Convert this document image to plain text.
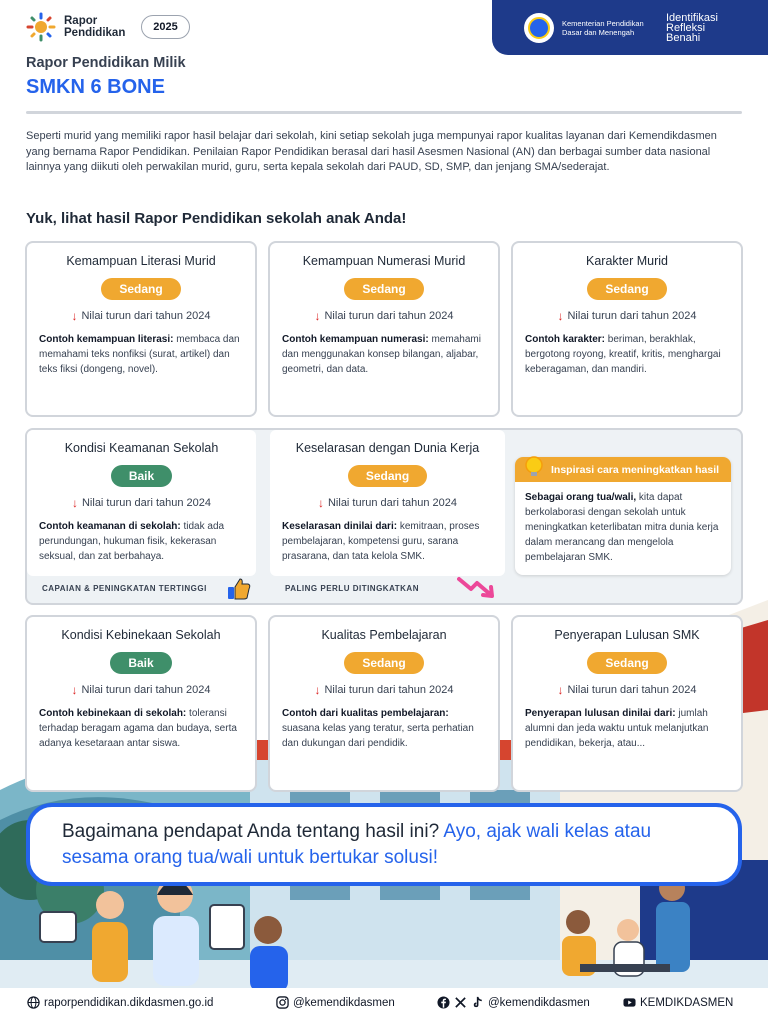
Rapor
Pendidikan	2025	Kementerian Pendidikan Dasar dan Menengah
Identifikasi
Refleksi
Benahi
Rapor Pendidikan Milik
SMKN 6 BONE

Seperti murid yang memiliki rapor hasil belajar dari sekolah, kini setiap sekolah juga mempunyai rapor kualitas layanan dari Kemendikdasmen yang bernama Rapor Pendidikan. Penilaian Rapor Pendidikan berasal dari hasil Asesmen Nasional (AN) dan berbagai sumber data nasional lainnya yang diikuti oleh perwakilan murid, guru, serta kepala sekolah dari PAUD, SD, SMP, dan jenjang SMA/sederajat.

Yuk, lihat hasil Rapor Pendidikan sekolah anak Anda!
Kemampuan Literasi Murid
Sedang
↓ Nilai turun dari tahun 2024
Contoh kemampuan literasi: membaca dan memahami teks nonfiksi (surat, artikel) dan teks fiksi (dongeng, novel).
Kemampuan Numerasi Murid
Sedang
↓ Nilai turun dari tahun 2024
Contoh kemampuan numerasi: memahami dan menggunakan konsep bilangan, aljabar, geometri, dan data.
Karakter Murid
Sedang
↓ Nilai turun dari tahun 2024
Contoh karakter: beriman, berakhlak, bergotong royong, kreatif, kritis, menghargai keberagaman, dan mandiri.
Kondisi Keamanan Sekolah
Baik
↓ Nilai turun dari tahun 2024
Contoh keamanan di sekolah: tidak ada perundungan, hukuman fisik, kekerasan seksual, dan zat berbahaya.
Keselarasan dengan Dunia Kerja
Sedang
↓ Nilai turun dari tahun 2024
Keselarasan dinilai dari: kemitraan, proses pembelajaran, kompetensi guru, sarana prasarana, dan tata kelola SMK.
CAPAIAN & PENINGKATAN TERTINGGI	PALING PERLU DITINGKATKAN
Inspirasi cara meningkatkan hasil
Sebagai orang tua/wali, kita dapat berkolaborasi dengan sekolah untuk meningkatkan keterlibatan mitra dunia kerja dalam merancang dan mengelola pembelajaran SMK.
Kondisi Kebinekaan Sekolah
Baik
↓ Nilai turun dari tahun 2024
Contoh kebinekaan di sekolah: toleransi terhadap beragam agama dan budaya, serta adanya kesetaraan antar siswa.
Kualitas Pembelajaran
Sedang
↓ Nilai turun dari tahun 2024
Contoh dari kualitas pembelajaran: suasana kelas yang teratur, serta perhatian dan dukungan dari pendidik.
Penyerapan Lulusan SMK
Sedang
↓ Nilai turun dari tahun 2024
Penyerapan lulusan dinilai dari: jumlah alumni dan jeda waktu untuk melanjutkan pendidikan, bekerja, atau...
Bagaimana pendapat Anda tentang hasil ini? Ayo, ajak wali kelas atau sesama orang tua/wali untuk bertukar solusi!
raporpendidikan.dikdasmen.go.id	@kemendikdasmen	@kemendikdasmen	KEMDIKDASMEN
